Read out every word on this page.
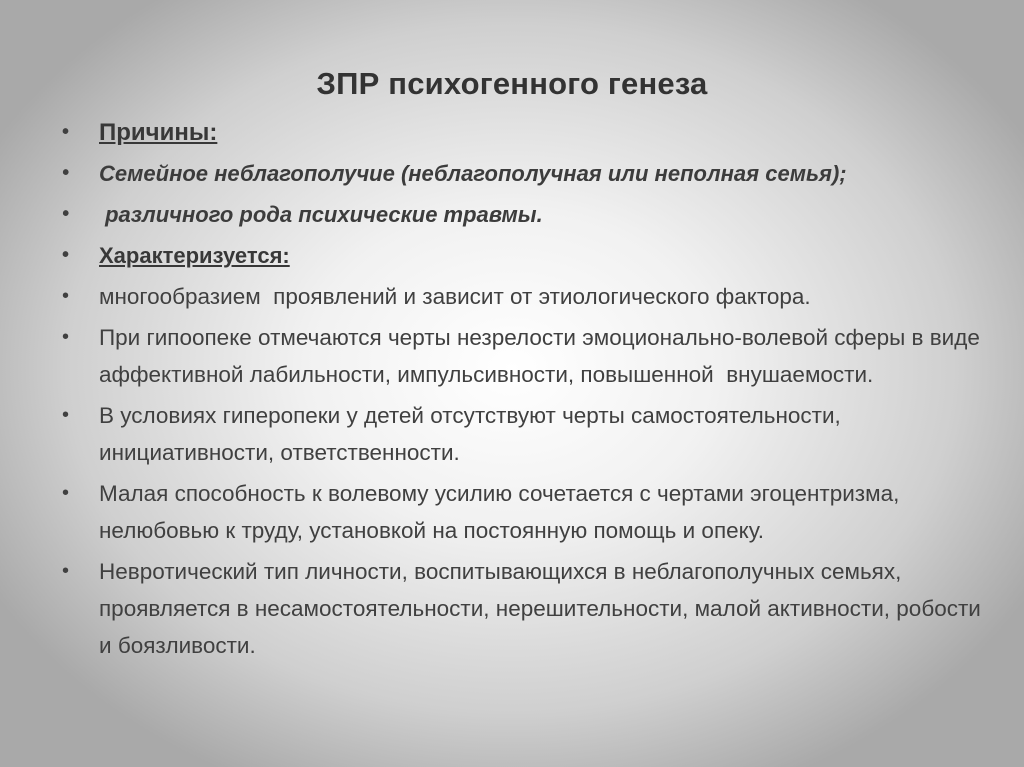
ЗПР психогенного генеза
• Причины:
• Семейное неблагополучие (неблагополучная или неполная семья);
• различного рода психические травмы.
• Характеризуется:
• многообразием  проявлений и зависит от этиологического фактора.
• При гипоопеке отмечаются черты незрелости эмоционально-волевой сферы в виде аффективной лабильности, импульсивности, повышенной  внушаемости.
• В условиях гиперопеки у детей отсутствуют черты самостоятельности, инициативности, ответственности.
• Малая способность к волевому усилию сочетается с чертами эгоцентризма, нелюбовью к труду, установкой на постоянную помощь и опеку.
• Невротический тип личности, воспитывающихся в неблагополучных семьях, проявляется в несамостоятельности, нерешительности, малой активности, робости и боязливости.
